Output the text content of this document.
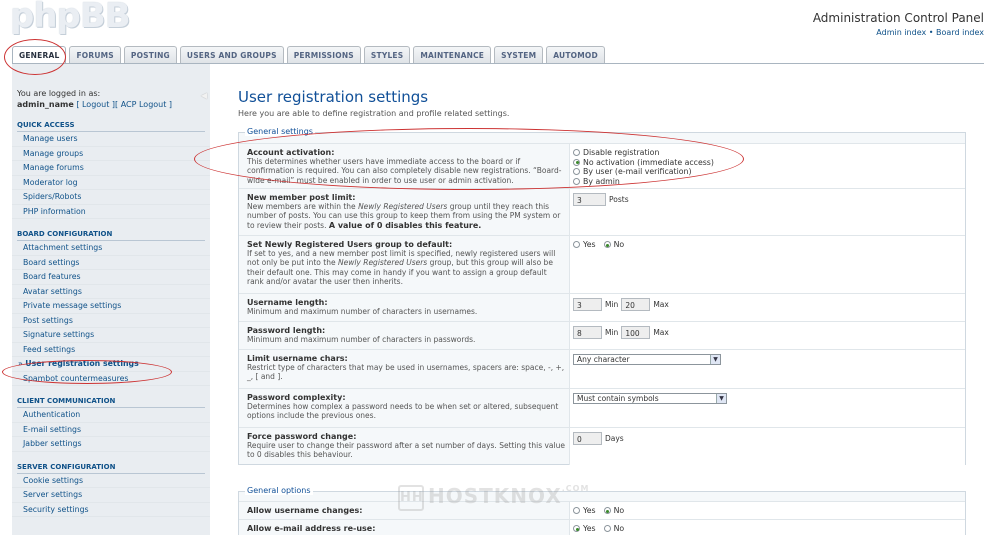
phpBB	Administration Control Panel
Admin index • Board index
GENERAL	FORUMS	POSTING	USERS AND GROUPS	PERMISSIONS	STYLES	MAINTENANCE	SYSTEM	AUTOMOD
You are logged in as:
admin_name [ Logout ][ ACP Logout ]
QUICK ACCESS
Manage users
Manage groups
Manage forums
Moderator log
Spiders/Robots
PHP information
BOARD CONFIGURATION
Attachment settings
Board settings
Board features
Avatar settings
Private message settings
Post settings
Signature settings
Feed settings
» User registration settings
Spambot countermeasures
CLIENT COMMUNICATION
Authentication
E-mail settings
Jabber settings
SERVER CONFIGURATION
Cookie settings
Server settings
Security settings
◀ User registration settings
Here you are able to define registration and profile related settings.
General settings
Account activation:
This determines whether users have immediate access to the board or if confirmation is required. You can also completely disable new registrations. “Board-wide e-mail” must be enabled in order to use user or admin activation.
Disable registration
No activation (immediate access)
By user (e-mail verification)
By admin
New member post limit:
New members are within the Newly Registered Users group until they reach this number of posts. You can use this group to keep them from using the PM system or to review their posts. A value of 0 disables this feature.
3	Posts
Set Newly Registered Users group to default:
If set to yes, and a new member post limit is specified, newly registered users will not only be put into the Newly Registered Users group, but this group will also be their default one. This may come in handy if you want to assign a group default rank and/or avatar the user then inherits.
Yes No
Username length:
Minimum and maximum number of characters in usernames.
3	Min 20 Max
Password length:
Minimum and maximum number of characters in passwords.
8	Min 100 Max
Limit username chars:
Restrict type of characters that may be used in usernames, spacers are: space, -, +, _, [ and ].
Any character	▼
Password complexity:
Determines how complex a password needs to be when set or altered, subsequent options include the previous ones.
Must contain symbols	▼
Force password change:
Require user to change their password after a set number of days. Setting this value to 0 disables this behaviour.
0	Days
General options
Allow username changes:	Yes No
Allow e-mail address re-use:	Yes No
HH $HOSTKNOX^{.COM}$
